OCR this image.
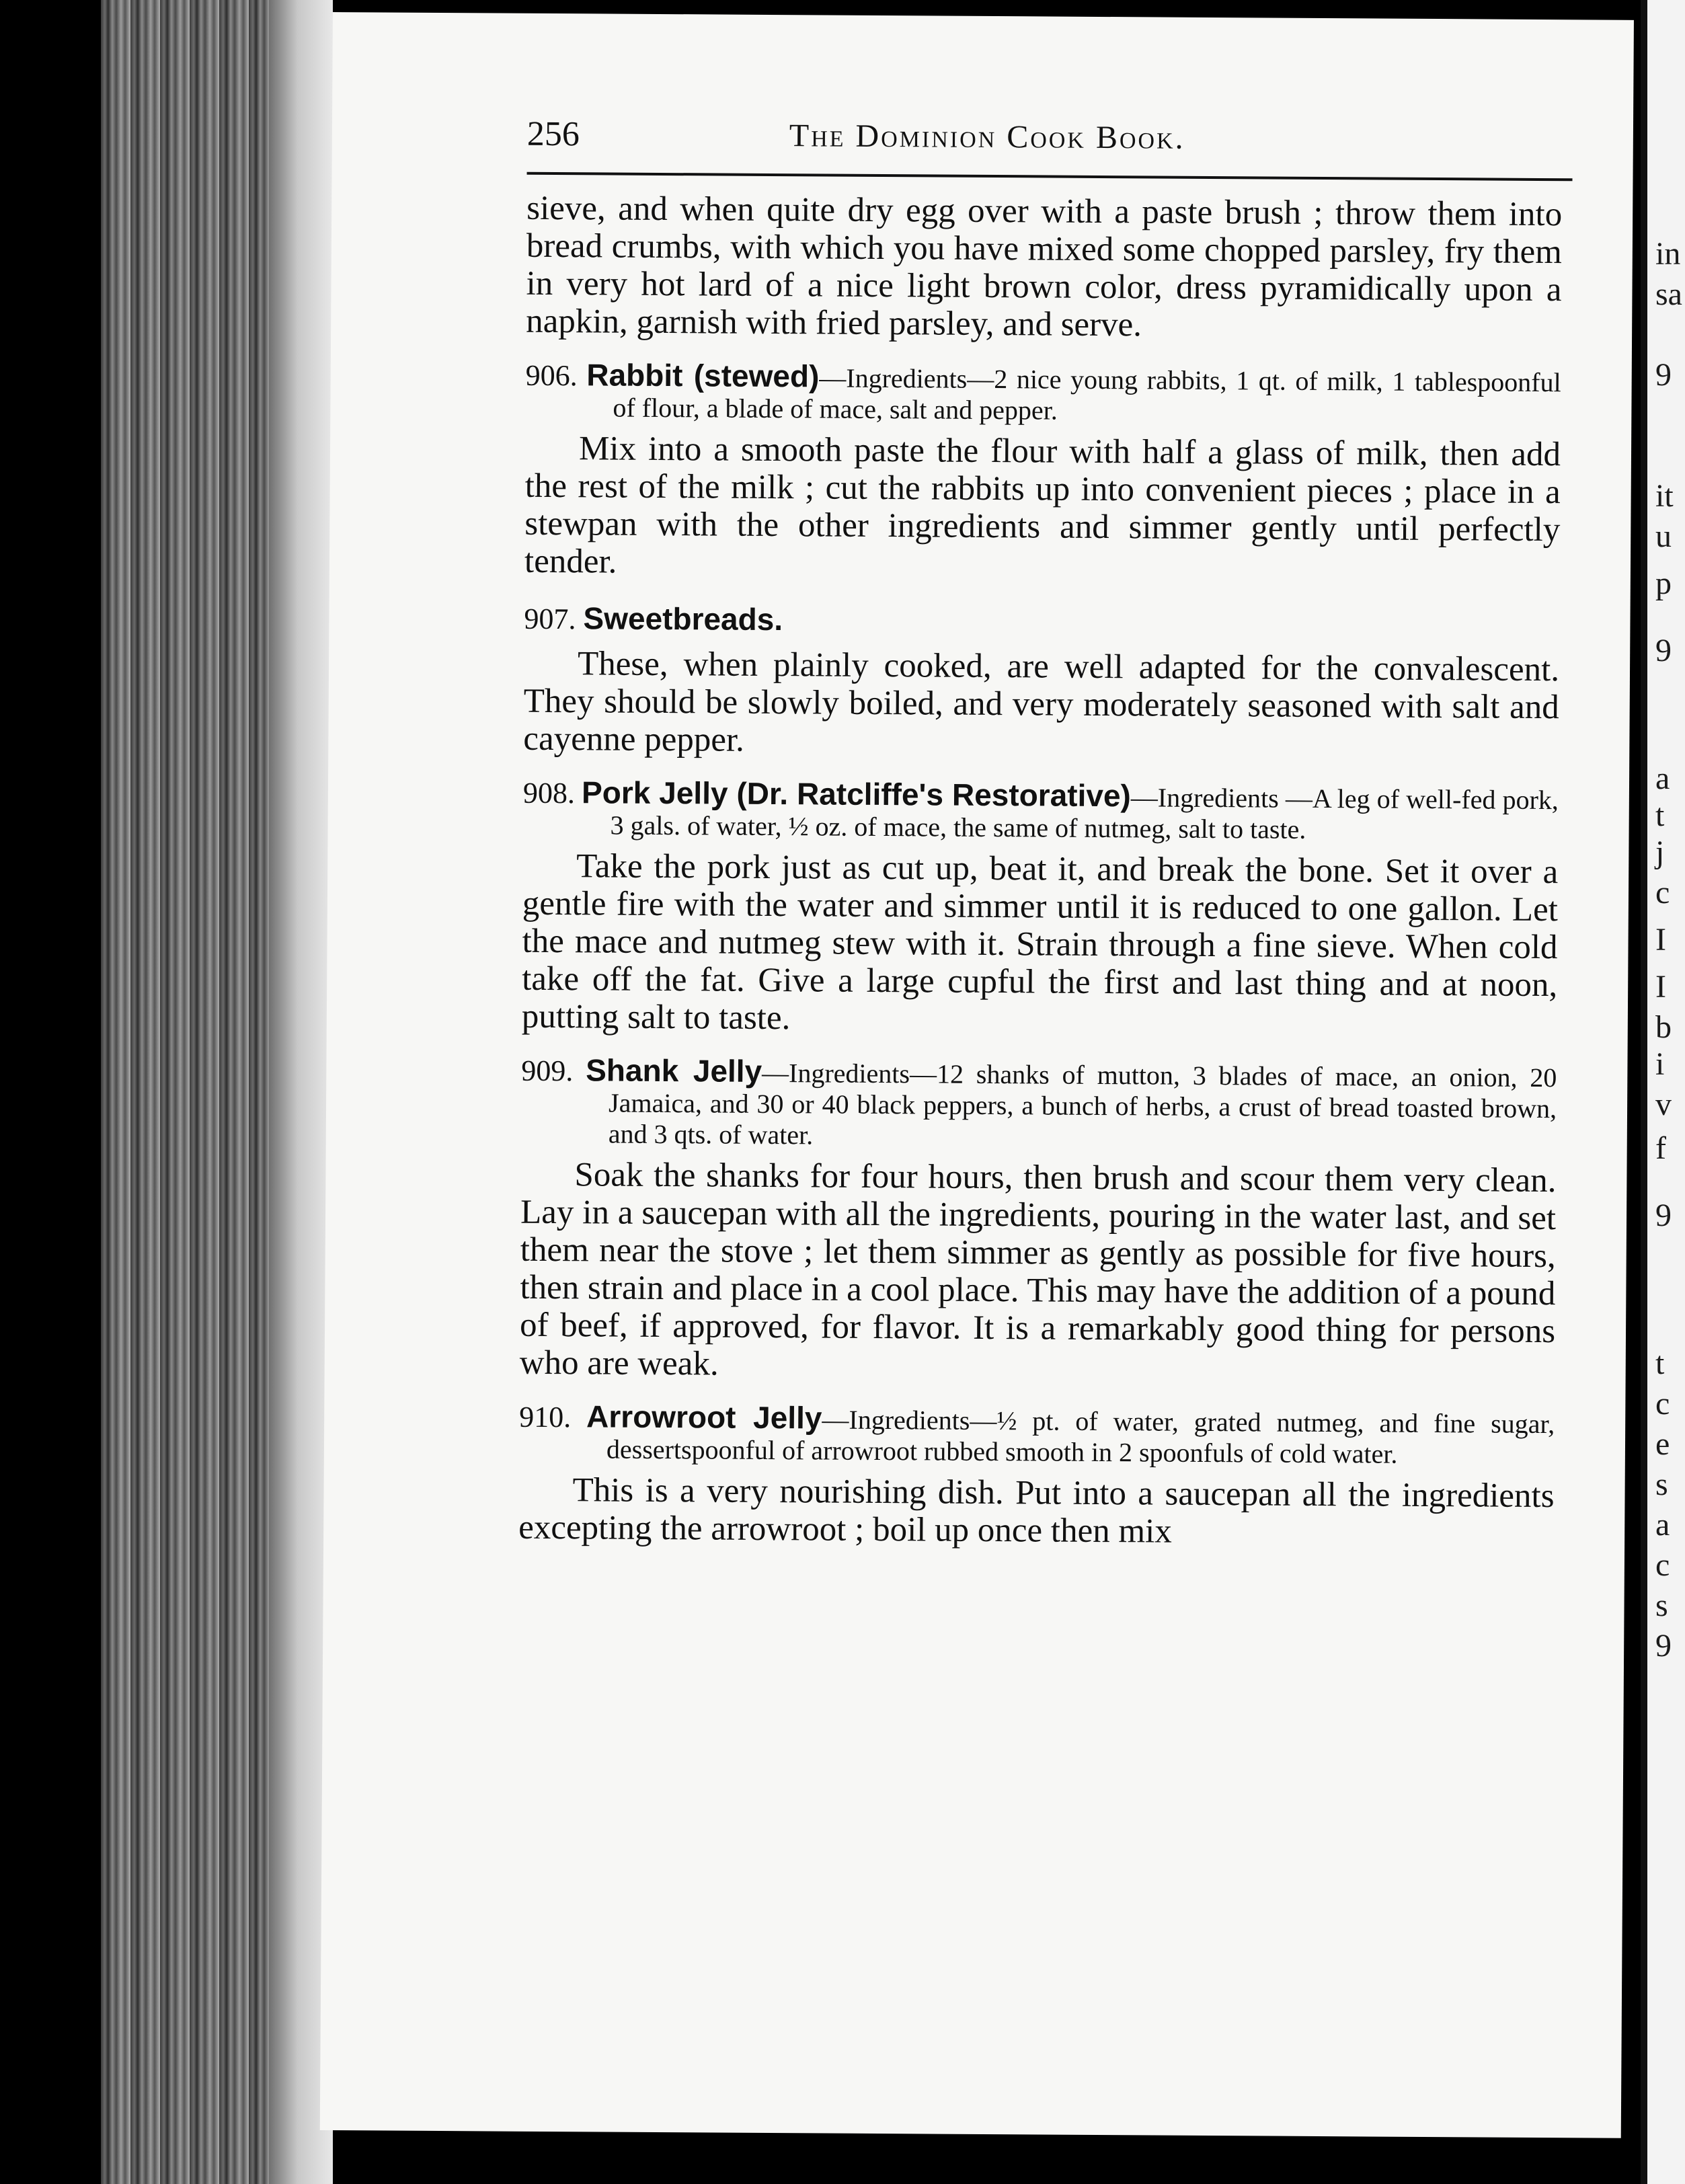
in
sa
9
it
u
p
9
a
t
j
c
I
I
b
i
v
f
9
t
c
e
s
a
c
s
9
256	The Dominion Cook Book.

sieve, and when quite dry egg over with a paste brush ; throw them into bread crumbs, with which you have mixed some chopped parsley, fry them in very hot lard of a nice light brown color, dress pyramidically upon a napkin, garnish with fried parsley, and serve.

906. Rabbit (stewed)—Ingredients—2 nice young rabbits, 1 qt. of milk, 1 tablespoonful of flour, a blade of mace, salt and pepper.

Mix into a smooth paste the flour with half a glass of milk, then add the rest of the milk ; cut the rabbits up into convenient pieces ; place in a stewpan with the other ingredients and simmer gently until perfectly tender.

907. Sweetbreads.

These, when plainly cooked, are well adapted for the convalescent. They should be slowly boiled, and very moderately seasoned with salt and cayenne pepper.

908. Pork Jelly (Dr. Ratcliffe's Restorative)—Ingredients —A leg of well-fed pork, 3 gals. of water, ½ oz. of mace, the same of nutmeg, salt to taste.

Take the pork just as cut up, beat it, and break the bone. Set it over a gentle fire with the water and simmer until it is reduced to one gallon. Let the mace and nutmeg stew with it. Strain through a fine sieve. When cold take off the fat. Give a large cupful the first and last thing and at noon, putting salt to taste.

909. Shank Jelly—Ingredients—12 shanks of mutton, 3 blades of mace, an onion, 20 Jamaica, and 30 or 40 black peppers, a bunch of herbs, a crust of bread toasted brown, and 3 qts. of water.

Soak the shanks for four hours, then brush and scour them very clean. Lay in a saucepan with all the ingredients, pouring in the water last, and set them near the stove ; let them simmer as gently as possible for five hours, then strain and place in a cool place. This may have the addition of a pound of beef, if approved, for flavor. It is a remarkably good thing for persons who are weak.

910. Arrowroot Jelly—Ingredients—½ pt. of water, grated nutmeg, and fine sugar, dessertspoonful of arrowroot rubbed smooth in 2 spoonfuls of cold water.

This is a very nourishing dish. Put into a saucepan all the ingredients excepting the arrowroot ; boil up once then mix
